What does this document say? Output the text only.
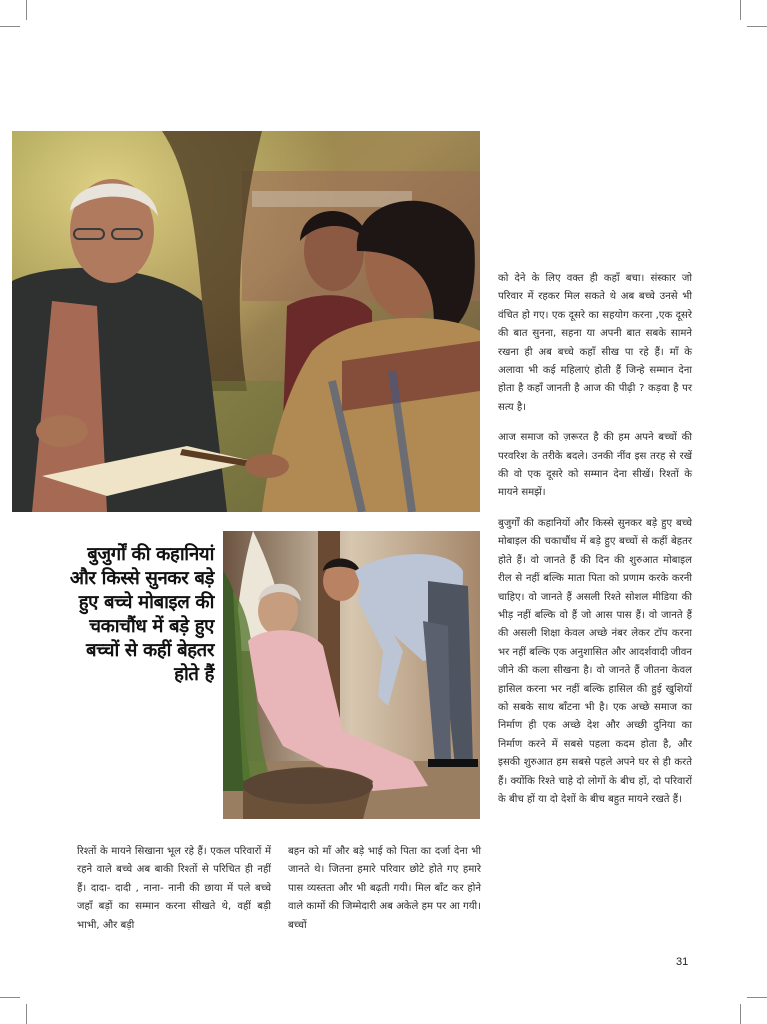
बुजुर्गों की कहानियां और किस्से सुनकर बड़े हुए बच्चे मोबाइल की चकाचौंध में बड़े हुए बच्चों से कहीं बेहतर होते हैं

को देने के लिए वक्त ही कहाँ बचा। संस्कार जो परिवार में रहकर मिल सकते थे अब बच्चे उनसे भी वंचित हो गए। एक दूसरे का सहयोग करना ,एक दूसरे की बात सुनना, सहना या अपनी बात सबके सामने रखना ही अब बच्चे कहाँ सीख पा रहे हैं। माँ के अलावा भी कई महिलाएं होती हैं जिन्हे सम्मान देना होता है कहाँ जानती है आज की पीढ़ी ? कड़वा है पर सत्य है।

आज समाज को ज़रूरत है की हम अपने बच्चों की परवरिश के तरीके बदले। उनकी नींव इस तरह से रखें की वो एक दूसरे को सम्मान देना सीखें। रिश्तों के मायने समझें।

बुजुर्गों की कहानियों और किस्से सुनकर बड़े हुए बच्चे मोबाइल की चकाचौंध में बड़े हुए बच्चों से कहीं बेहतर होते हैं। वो जानते हैं की दिन की शुरुआत मोबाइल रील से नहीं बल्कि माता पिता को प्रणाम करके करनी चाहिए। वो जानते हैं असली रिश्ते सोशल मीडिया की भीड़ नहीं बल्कि वो हैं जो आस पास हैं। वो जानते हैं की असली शिक्षा केवल अच्छे नंबर लेकर टॉप करना भर नहीं बल्कि एक अनुशासित और आदर्शवादी जीवन जीने की कला सीखना है। वो जानते हैं जीतना केवल हासिल करना भर नहीं बल्कि हासिल की हुई खुशियों को सबके साथ बाँटना भी है। एक अच्छे समाज का निर्माण ही एक अच्छे देश और अच्छी दुनिया का निर्माण करने में सबसे पहला कदम होता है, और इसकी शुरुआत हम सबसे पहले अपने घर से ही करते हैं। क्योंकि रिश्ते चाहे दो लोगों के बीच हों, दो परिवारों के बीच हों या दो देशों के बीच बहुत मायने रखते हैं।

रिश्तों के मायने सिखाना भूल रहे हैं। एकल परिवारों में रहने वाले बच्चे अब बाकी रिश्तों से परिचित ही नहीं हैं। दादा- दादी , नाना- नानी की छाया में पले बच्चे जहाँ बड़ों का सम्मान करना सीखते थे, वहीं बड़ी भाभी, और बड़ी
बहन को माँ और बड़े भाई को पिता का दर्जा देना भी जानते थे। जितना हमारे परिवार छोटे होते गए हमारे पास व्यस्तता और भी बढ़ती गयी। मिल बाँट कर होने वाले कामों की जिम्मेदारी अब अकेले हम पर आ गयी। बच्चों
31
